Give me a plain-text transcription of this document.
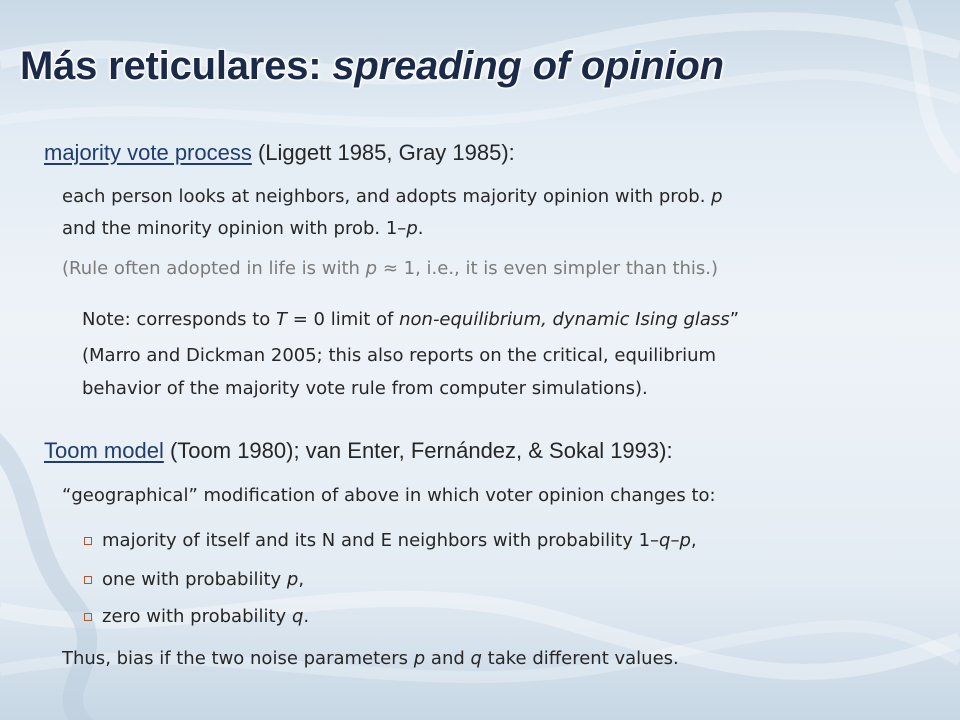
Más reticulares: spreading of opinion
majority vote process (Liggett 1985, Gray 1985):
each person looks at neighbors, and adopts majority opinion with prob. p
and the minority opinion with prob. 1–p.
(Rule often adopted in life is with p ≈ 1, i.e., it is even simpler than this.)
Note: corresponds to T = 0 limit of non-equilibrium, dynamic Ising glass”
(Marro and Dickman 2005; this also reports on the critical, equilibrium
behavior of the majority vote rule from computer simulations).
Toom model (Toom 1980); van Enter, Fernández, & Sokal 1993):
“geographical” modification of above in which voter opinion changes to:
majority of itself and its N and E neighbors with probability 1–q–p,
one with probability p,
zero with probability q.
Thus, bias if the two noise parameters p and q take different values.
